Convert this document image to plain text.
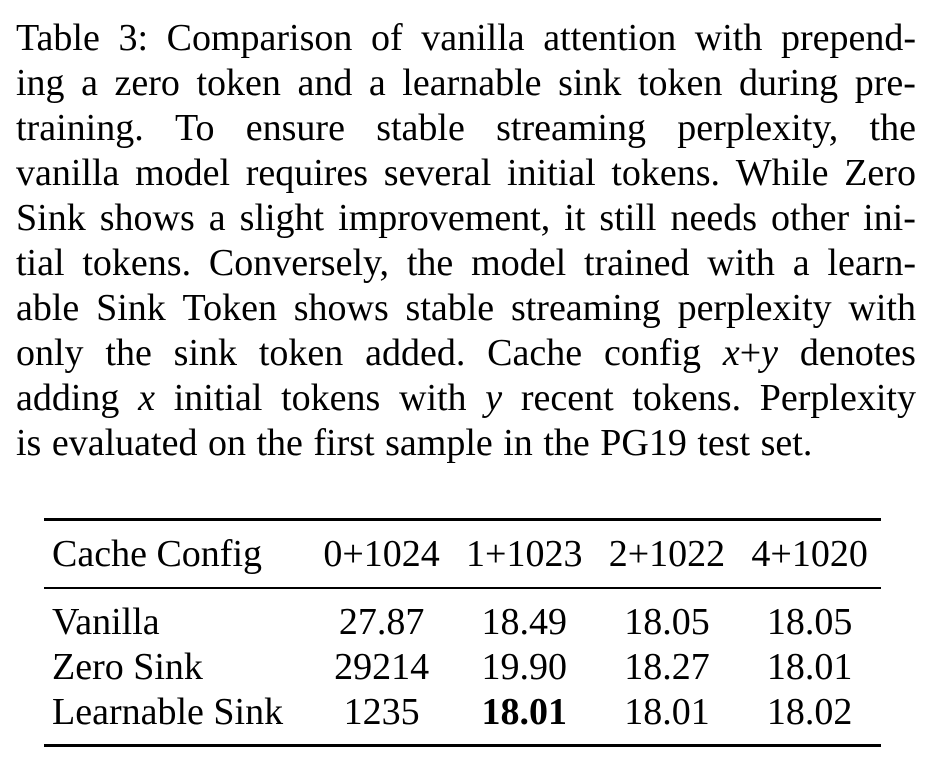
Table 3: Comparison of vanilla attention with prepend-
ing a zero token and a learnable sink token during pre-
training. To ensure stable streaming perplexity, the
vanilla model requires several initial tokens. While Zero
Sink shows a slight improvement, it still needs other ini-
tial tokens. Conversely, the model trained with a learn-
able Sink Token shows stable streaming perplexity with
only the sink token added. Cache config x+y denotes
adding x initial tokens with y recent tokens. Perplexity
is
evaluated
on
the
first
sample
in
the
PG19
test
set.
Cache Config	0+1024	1+1023	2+1022	4+1020
Vanilla	27.87	18.49	18.05	18.05
Zero Sink	29214	19.90	18.27	18.01
Learnable Sink	1235	18.01	18.01	18.02
